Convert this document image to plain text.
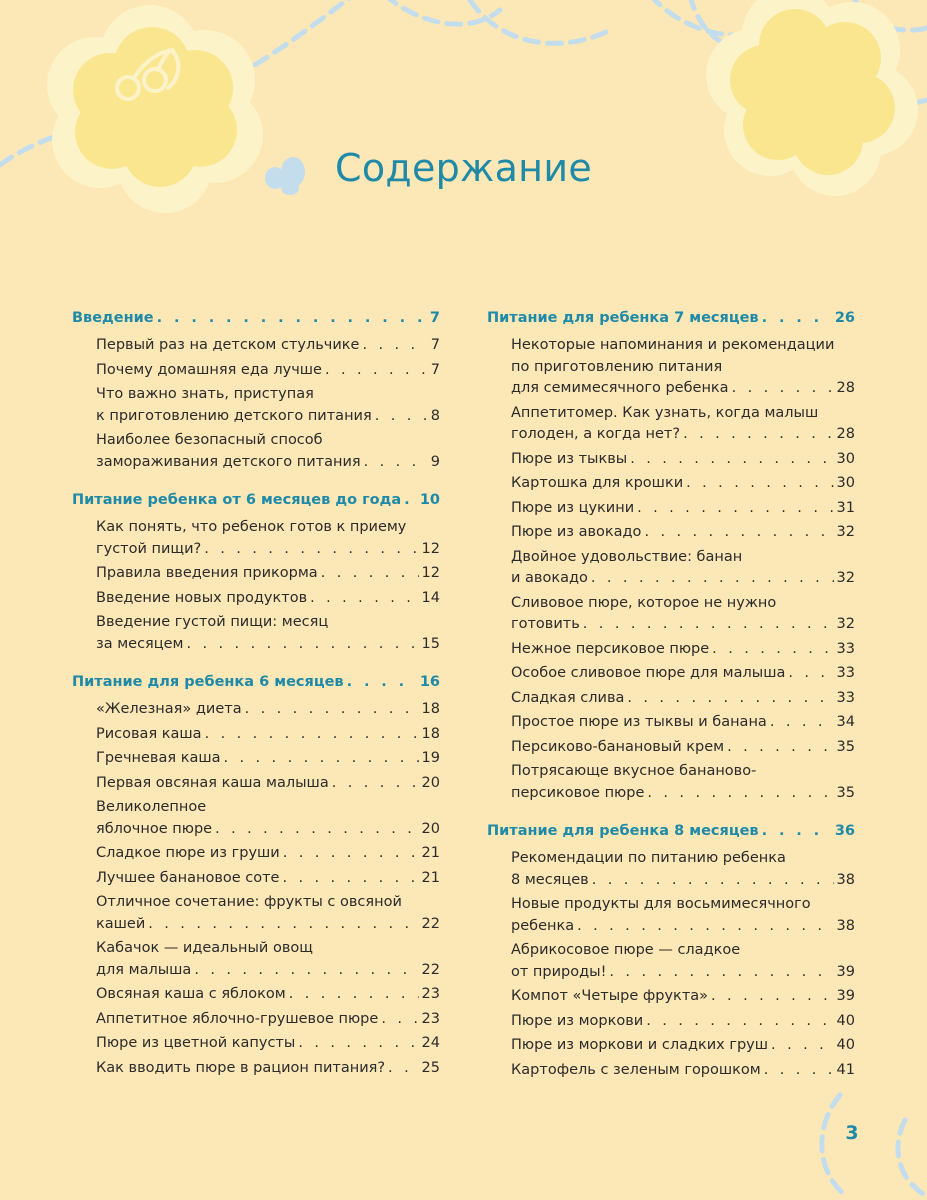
Содержание
Введение . . .	7
Первый раз на детском стульчике . . .	7
Почему домашняя еда лучше . . .	7
Что важно знать, приступая
к приготовлению детского питания . . .	8
Наиболее безопасный способ
замораживания детского питания . . .	9
Питание ребенка от 6 месяцев до года . . . 10
Как понять, что ребенок готов к приему
густой пищи? . . .	12
Правила введения прикорма . . .	12
Введение новых продуктов . . .	14
Введение густой пищи: месяц
за месяцем . . .	15
Питание для ребенка 6 месяцев . . .	16
«Железная» диета . . .	18
Рисовая каша . . .	18
Гречневая каша . . .	19
Первая овсяная каша малыша . . .	20
Великолепное
яблочное пюре . . .	20
Сладкое пюре из груши . . .	21
Лучшее банановое соте . . .	21
Отличное сочетание: фрукты с овсяной
кашей . . .	22
Кабачок — идеальный овощ
для малыша . . .	22
Овсяная каша с яблоком . . .	23
Аппетитное яблочно-грушевое пюре . . .	23
Пюре из цветной капусты . . .	24
Как вводить пюре в рацион питания? . . .	25
Питание для ребенка 7 месяцев . . .	26
Некоторые напоминания и рекомендации
по приготовлению питания
для семимесячного ребенка . . .	28
Аппетитомер. Как узнать, когда малыш
голоден, а когда нет? . . .	28
Пюре из тыквы . . .	30
Картошка для крошки . . .	30
Пюре из цукини . . .	31
Пюре из авокадо . . .	32
Двойное удовольствие: банан
и авокадо . . .	32
Сливовое пюре, которое не нужно
готовить . . .	32
Нежное персиковое пюре . . .	33
Особое сливовое пюре для малыша . . .	33
Сладкая слива . . .	33
Простое пюре из тыквы и банана . . .	34
Персиково-банановый крем . . .	35
Потрясающе вкусное бананово-
персиковое пюре . . .	35
Питание для ребенка 8 месяцев . . .	36
Рекомендации по питанию ребенка
8 месяцев . . .	38
Новые продукты для восьмимесячного
ребенка . . .	38
Абрикосовое пюре — сладкое
от природы! . . .	39
Компот «Четыре фрукта» . . .	39
Пюре из моркови . . .	40
Пюре из моркови и сладких груш . . .	40
Картофель с зеленым горошком . . .	41
3
